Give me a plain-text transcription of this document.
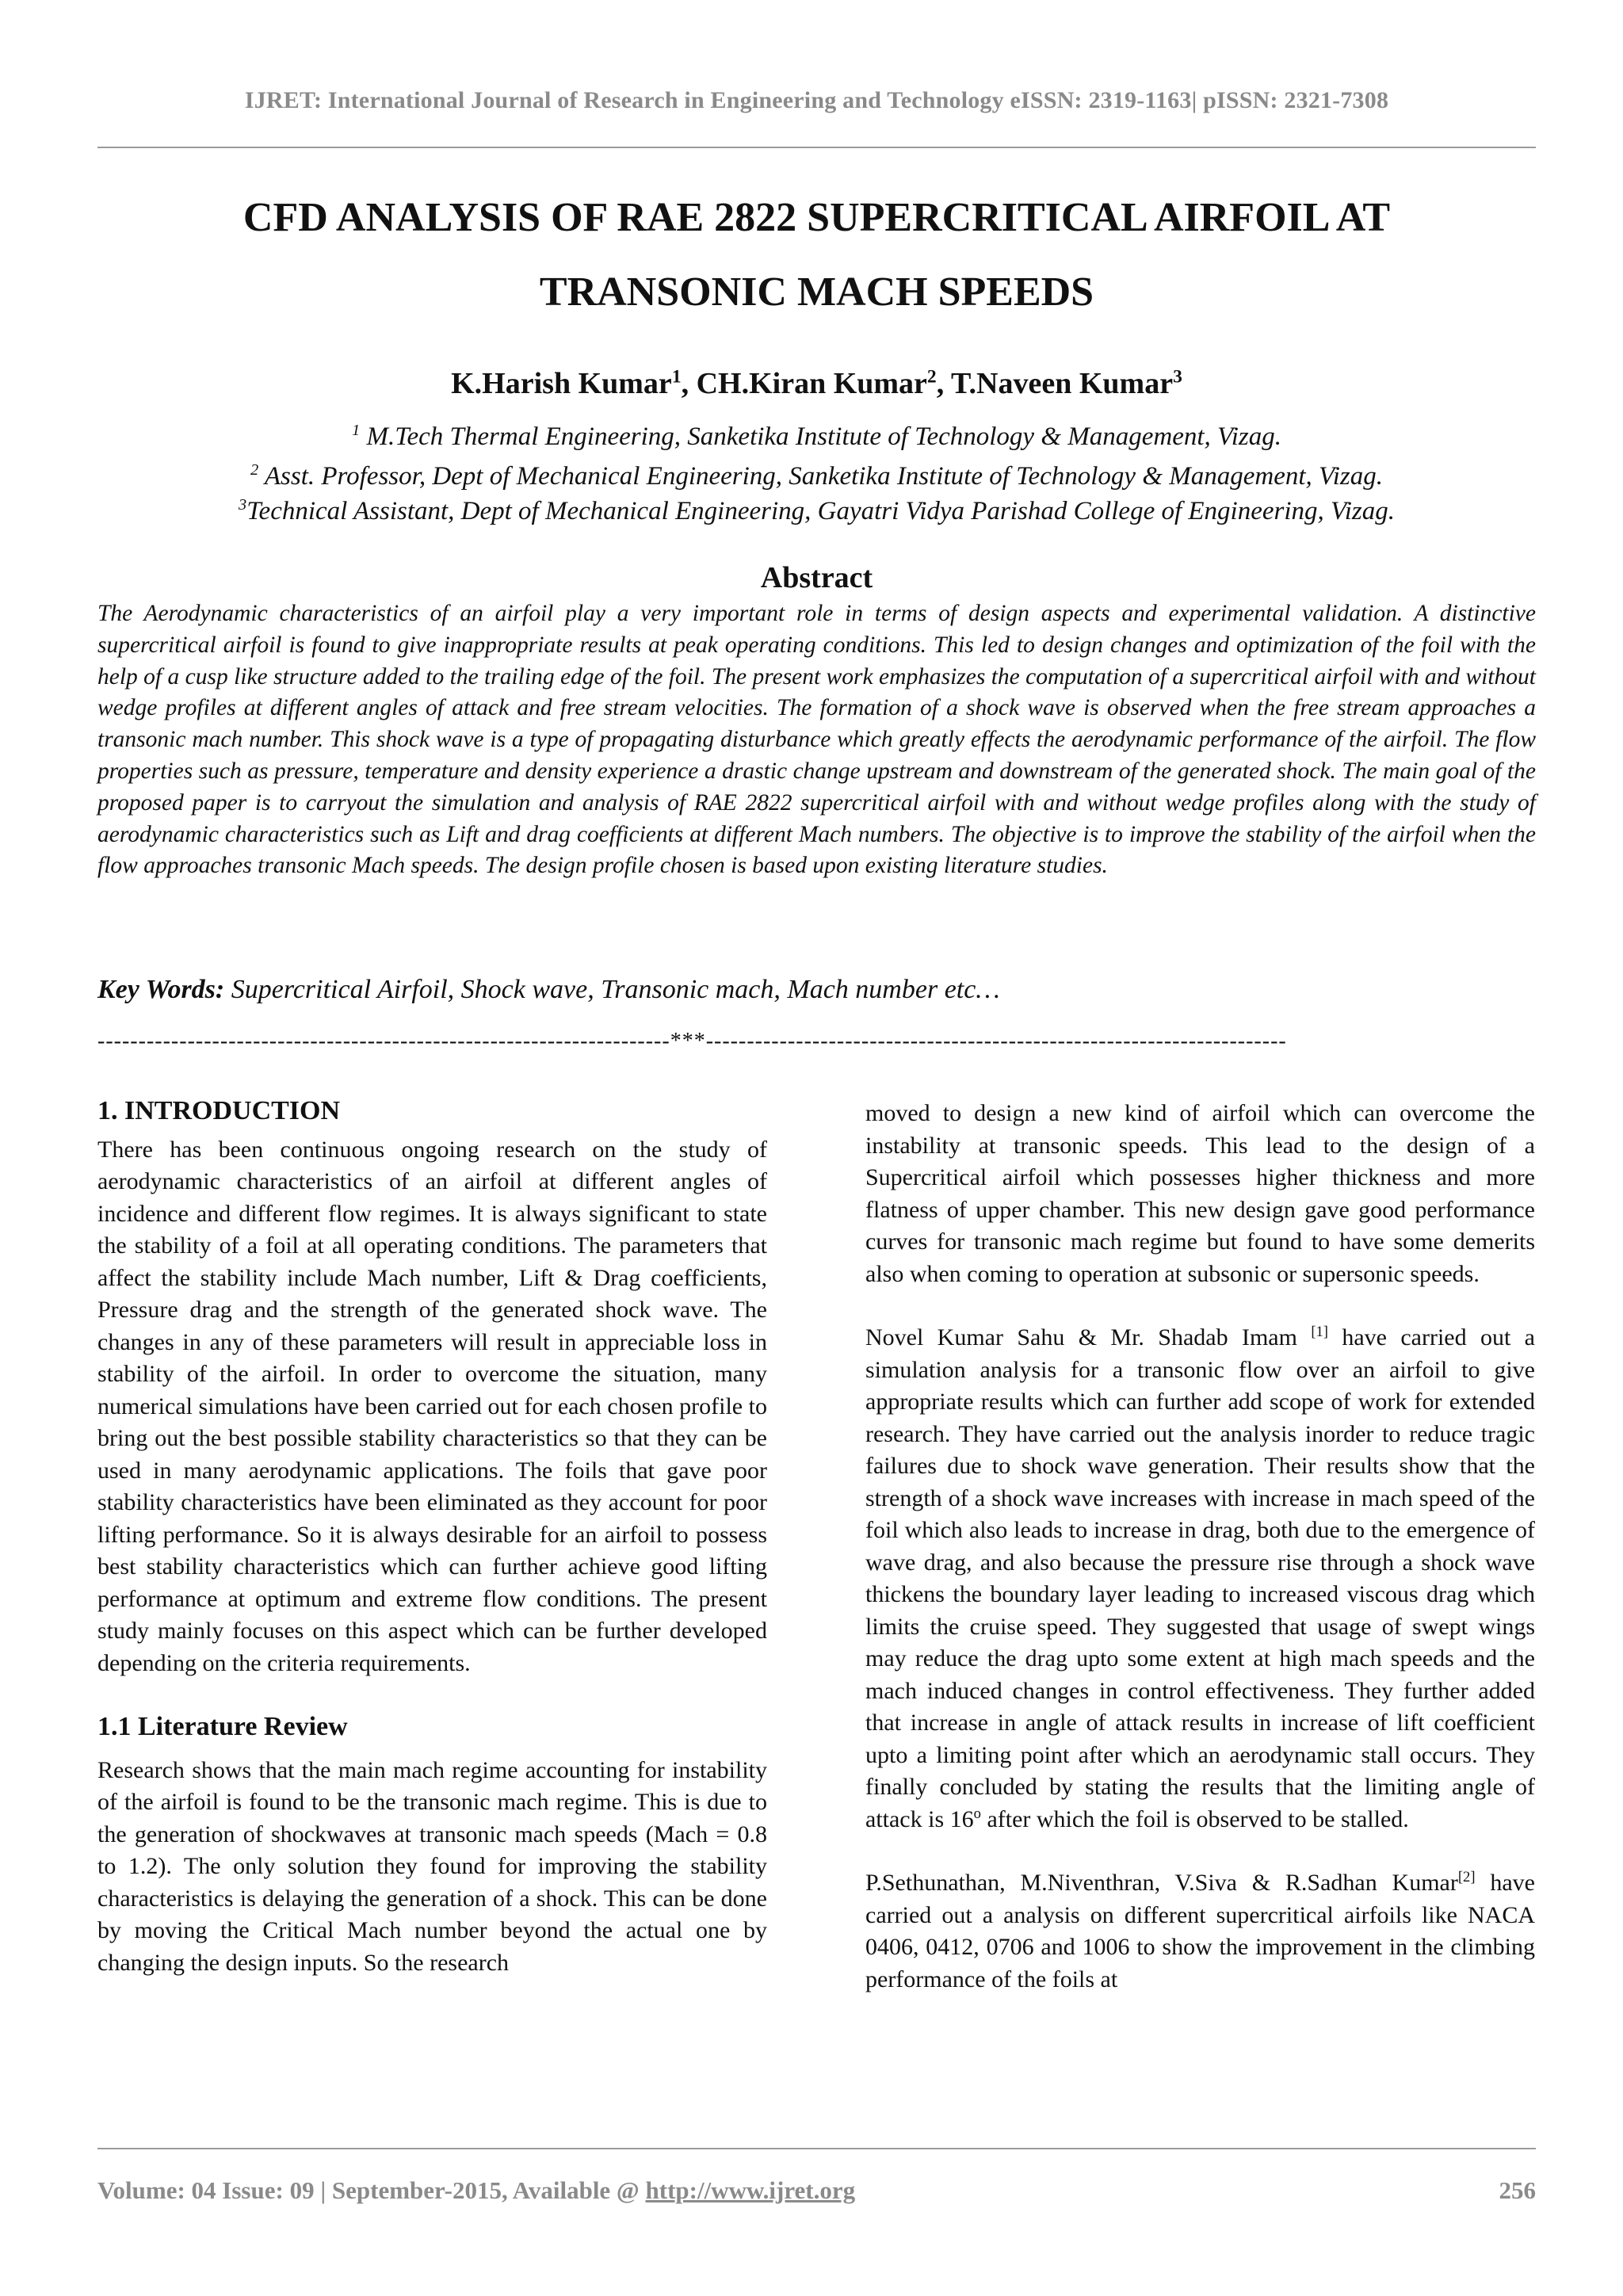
IJRET: International Journal of Research in Engineering and Technology eISSN: 2319-1163| pISSN: 2321-7308
CFD ANALYSIS OF RAE 2822 SUPERCRITICAL AIRFOIL AT
TRANSONIC MACH SPEEDS
K.Harish Kumar$^1$, CH.Kiran Kumar$^2$, T.Naveen Kumar$^3$
$^1$ M.Tech Thermal Engineering, Sanketika Institute of Technology & Management, Vizag.
$^2$ Asst. Professor, Dept of Mechanical Engineering, Sanketika Institute of Technology & Management, Vizag.
$^3$Technical Assistant, Dept of Mechanical Engineering, Gayatri Vidya Parishad College of Engineering, Vizag.
Abstract
The Aerodynamic characteristics of an airfoil play a very important role in terms of design aspects and experimental validation. A distinctive supercritical airfoil is found to give inappropriate results at peak operating conditions. This led to design changes and optimization of the foil with the help of a cusp like structure added to the trailing edge of the foil. The present work emphasizes the computation of a supercritical airfoil with and without wedge profiles at different angles of attack and free stream velocities. The formation of a shock wave is observed when the free stream approaches a transonic mach number. This shock wave is a type of propagating disturbance which greatly effects the aerodynamic performance of the airfoil. The flow properties such as pressure, temperature and density experience a drastic change upstream and downstream of the generated shock. The main goal of the proposed paper is to carryout the simulation and analysis of RAE 2822 supercritical airfoil with and without wedge profiles along with the study of aerodynamic characteristics such as Lift and drag coefficients at different Mach numbers. The objective is to improve the stability of the airfoil when the flow approaches transonic Mach speeds. The design profile chosen is based upon existing literature studies.
Key Words: Supercritical Airfoil, Shock wave, Transonic mach, Mach number etc…
----------------------------------------------------------------------***-----------------------------------------------------------------------
1. INTRODUCTION
There has been continuous ongoing research on the study of aerodynamic characteristics of an airfoil at different angles of incidence and different flow regimes. It is always significant to state the stability of a foil at all operating conditions. The parameters that affect the stability include Mach number, Lift & Drag coefficients, Pressure drag and the strength of the generated shock wave. The changes in any of these parameters will result in appreciable loss in stability of the airfoil. In order to overcome the situation, many numerical simulations have been carried out for each chosen profile to bring out the best possible stability characteristics so that they can be used in many aerodynamic applications. The foils that gave poor stability characteristics have been eliminated as they account for poor lifting performance. So it is always desirable for an airfoil to possess best stability characteristics which can further achieve good lifting performance at optimum and extreme flow conditions. The present study mainly focuses on this aspect which can be further developed depending on the criteria requirements.
1.1 Literature Review
Research shows that the main mach regime accounting for instability of the airfoil is found to be the transonic mach regime. This is due to the generation of shockwaves at transonic mach speeds (Mach = 0.8 to 1.2). The only solution they found for improving the stability characteristics is delaying the generation of a shock. This can be done by moving the Critical Mach number beyond the actual one by changing the design inputs. So the research
moved to design a new kind of airfoil which can overcome the instability at transonic speeds. This lead to the design of a Supercritical airfoil which possesses higher thickness and more flatness of upper chamber. This new design gave good performance curves for transonic mach regime but found to have some demerits also when coming to operation at subsonic or supersonic speeds.
Novel Kumar Sahu & Mr. Shadab Imam [1] have carried out a simulation analysis for a transonic flow over an airfoil to give appropriate results which can further add scope of work for extended research. They have carried out the analysis inorder to reduce tragic failures due to shock wave generation. Their results show that the strength of a shock wave increases with increase in mach speed of the foil which also leads to increase in drag, both due to the emergence of wave drag, and also because the pressure rise through a shock wave thickens the boundary layer leading to increased viscous drag which limits the cruise speed. They suggested that usage of swept wings may reduce the drag upto some extent at high mach speeds and the mach induced changes in control effectiveness. They further added that increase in angle of attack results in increase of lift coefficient upto a limiting point after which an aerodynamic stall occurs. They finally concluded by stating the results that the limiting angle of attack is 16$^o$ after which the foil is observed to be stalled.
P.Sethunathan, M.Niventhran, V.Siva & R.Sadhan Kumar[2] have carried out a analysis on different supercritical airfoils like NACA 0406, 0412, 0706 and 1006 to show the improvement in the climbing performance of the foils at
Volume: 04 Issue: 09 | September-2015, Available @ http://www.ijret.org	256
